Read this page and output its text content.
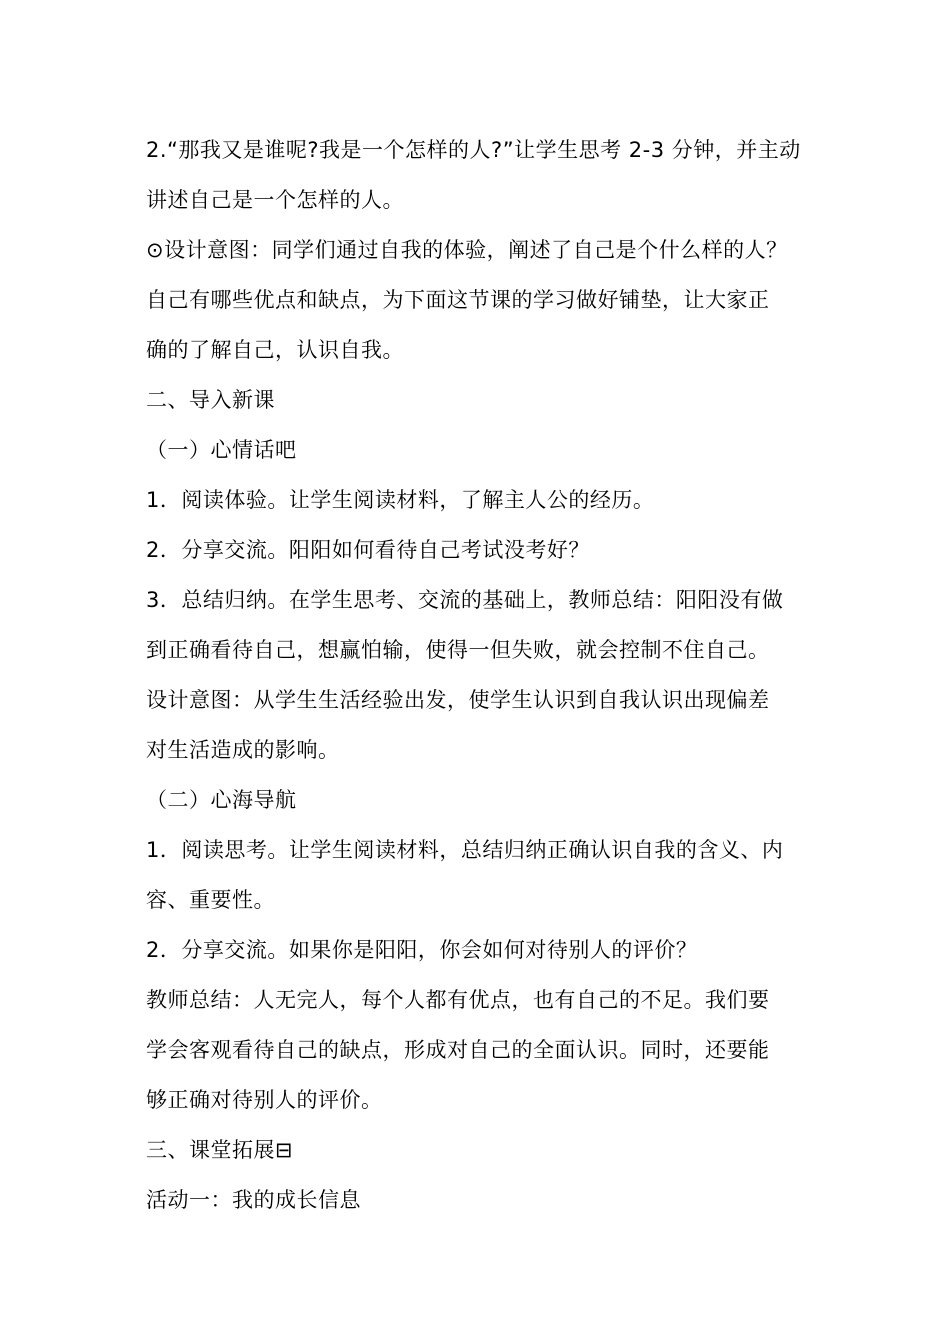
2.“那我又是谁呢?我是一个怎样的人?”让学生思考 2-3 分钟，并主动
讲述自己是一个怎样的人。
⊙设计意图：同学们通过自我的体验，阐述了自己是个什么样的人？
自己有哪些优点和缺点，为下面这节课的学习做好铺垫，让大家正
确的了解自己，认识自我。
二、导入新课
（一）心情话吧
1．阅读体验。让学生阅读材料，了解主人公的经历。
2．分享交流。阳阳如何看待自己考试没考好？
3．总结归纳。在学生思考、交流的基础上，教师总结：阳阳没有做
到正确看待自己，想赢怕输，使得一但失败，就会控制不住自己。
设计意图：从学生生活经验出发，使学生认识到自我认识出现偏差
对生活造成的影响。
（二）心海导航
1．阅读思考。让学生阅读材料，总结归纳正确认识自我的含义、内
容、重要性。
2．分享交流。如果你是阳阳，你会如何对待别人的评价？
教师总结：人无完人，每个人都有优点，也有自己的不足。我们要
学会客观看待自己的缺点，形成对自己的全面认识。同时，还要能
够正确对待别人的评价。
三、课堂拓展⊟
活动一：我的成长信息
